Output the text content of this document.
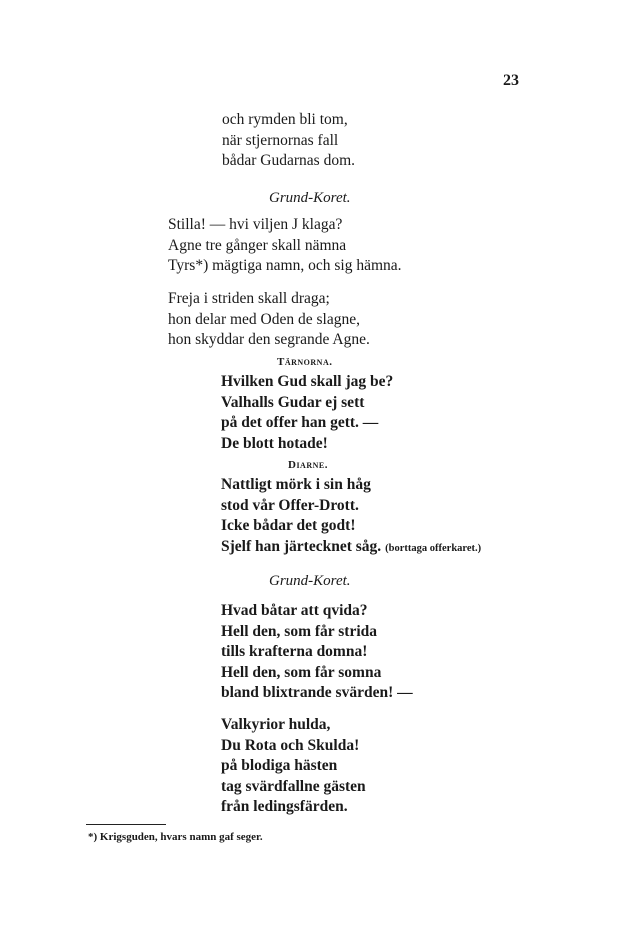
23
och rymden bli tom,
när stjernornas fall
bådar Gudarnas dom.
Grund-Koret.
Stilla! — hvi viljen J klaga?
Agne tre gånger skall nämna
Tyrs*) mägtiga namn, och sig hämna.
Freja i striden skall draga;
hon delar med Oden de slagne,
hon skyddar den segrande Agne.
Tärnorna.
Hvilken Gud skall jag be?
Valhalls Gudar ej sett
på det offer han gett. —
De blott hotade!
Diarne.
Nattligt mörk i sin håg
stod vår Offer-Drott.
Icke bådar det godt!
Sjelf han järtecknet såg. (borttaga offerkaret.)
Grund-Koret.
Hvad båtar att qvida?
Hell den, som får strida
tills krafterna domna!
Hell den, som får somna
bland blixtrande svärden! —
Valkyrior hulda,
Du Rota och Skulda!
på blodiga hästen
tag svärdfallne gästen
från ledingsfärden.
*) Krigsguden, hvars namn gaf seger.
